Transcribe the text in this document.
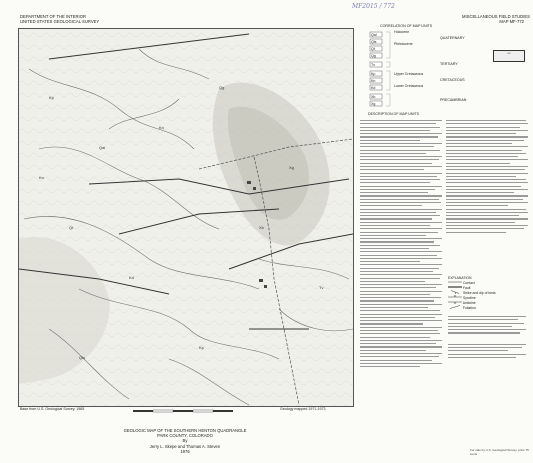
DEPARTMENT OF THE INTERIOR
UNITED STATES GEOLOGICAL SURVEY
MISCELLANEOUS FIELD STUDIES
MAP MF-772
MF2015 / 772
▭
Kp
Qal
Kn
Qt
Kd
Xg
Xb
Qls
Kp
Tv
Qg
Kn
Base from U.S. Geological Survey, 1965	Geology mapped 1971-1973
GEOLOGIC MAP OF THE SOUTHERN HENTON QUADRANGLE
PARK COUNTY, COLORADO
By
Jerry L. Skepe and Thomas A. Steven
1976
CORRELATION OF MAP UNITS
Qal
Qls
Qt
Qg
Tv
Kp
Kn
Kd
Xb
Xg
Holocene
Pleistocene
QUATERNARY
TERTIARY
Upper Cretaceous
CRETACEOUS
Lower Cretaceous
PRECAMBRIAN
DESCRIPTION OF MAP UNITS
EXPLANATION
Contact
Fault
Strike and dip of beds
Syncline
Anticline
Foliation
For sale by U.S. Geological Survey, price 75 cents
